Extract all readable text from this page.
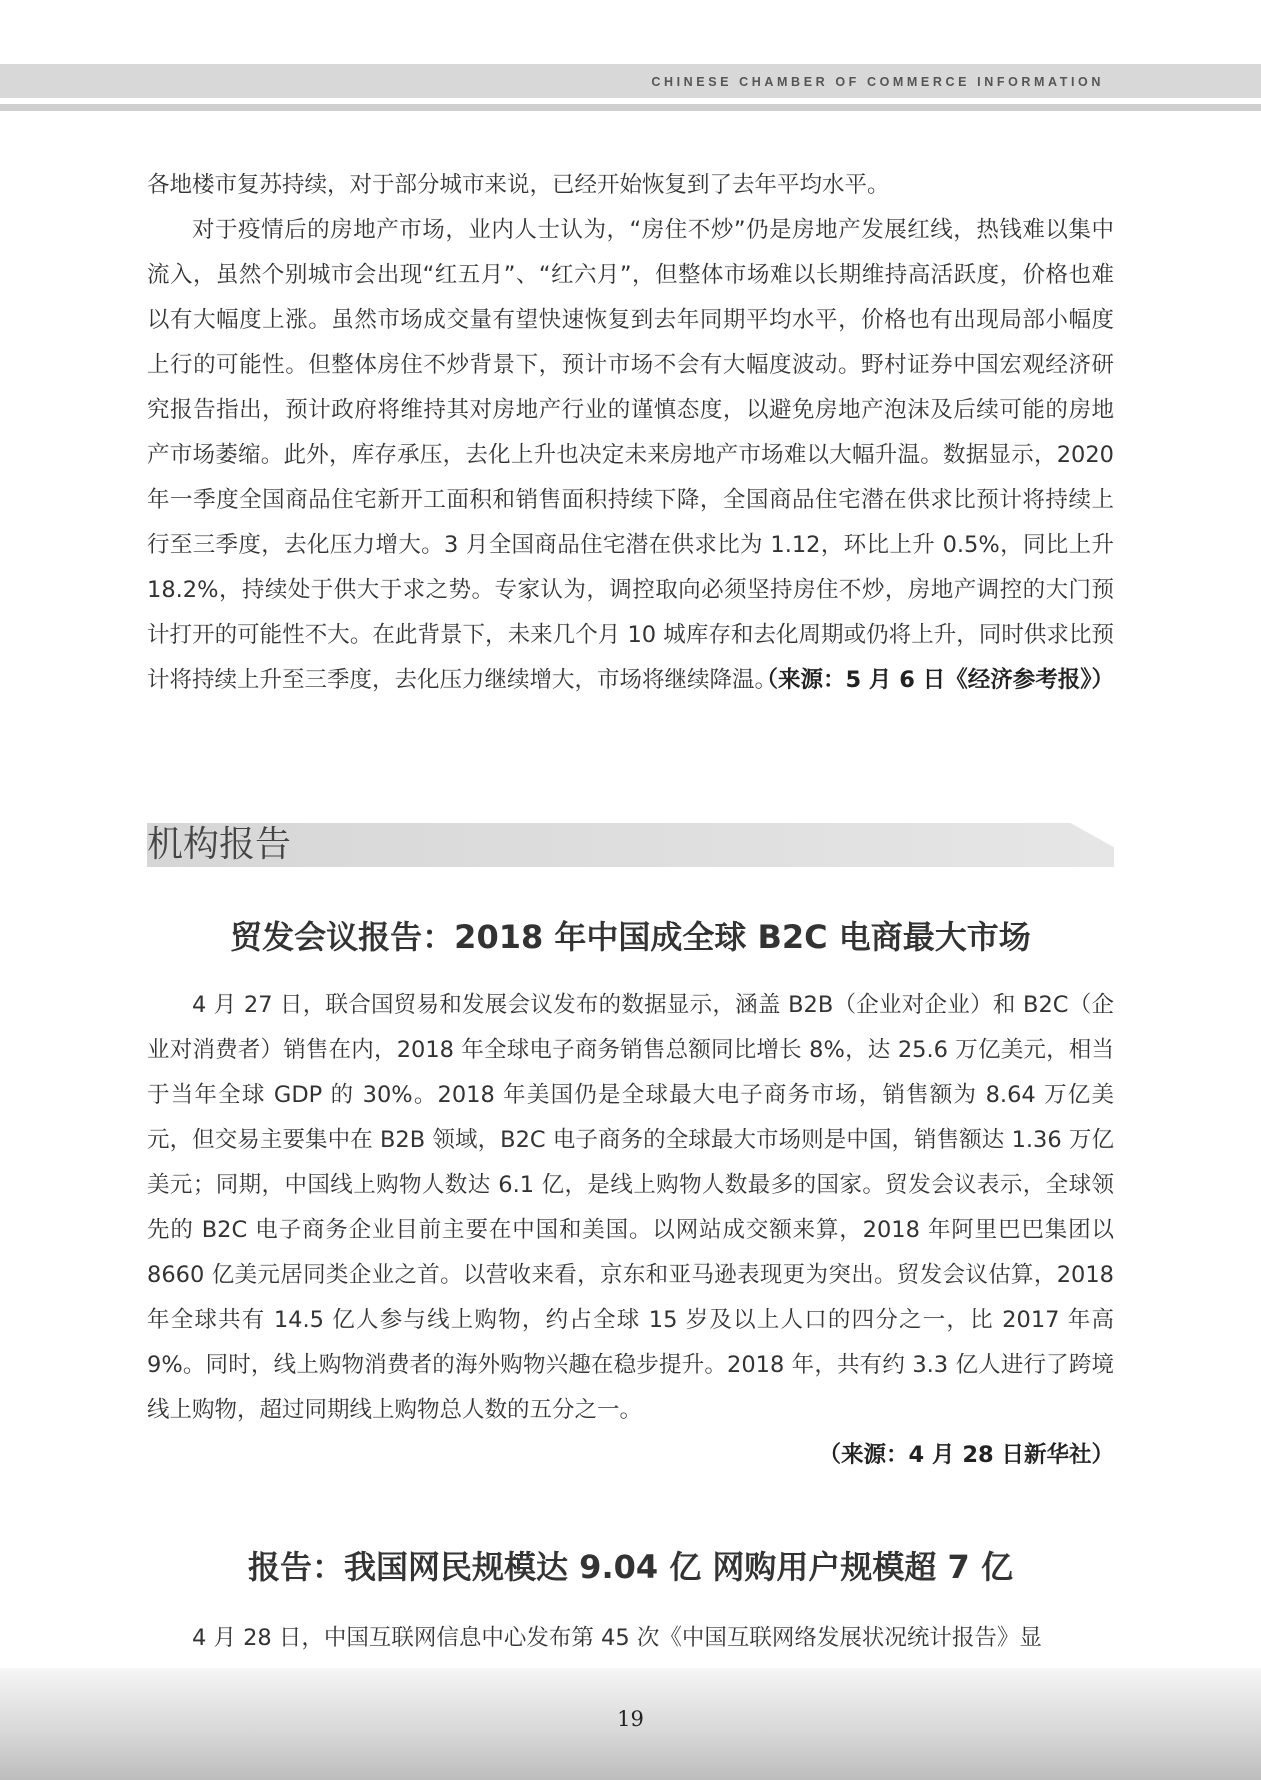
CHINESE CHAMBER OF COMMERCE INFORMATION

各地楼市复苏持续，对于部分城市来说，已经开始恢复到了去年平均水平。

对于疫情后的房地产市场，业内人士认为，“房住不炒”仍是房地产发展红线，热钱难以集中流入，虽然个别城市会出现“红五月”、“红六月”，但整体市场难以长期维持高活跃度，价格也难以有大幅度上涨。虽然市场成交量有望快速恢复到去年同期平均水平，价格也有出现局部小幅度上行的可能性。但整体房住不炒背景下，预计市场不会有大幅度波动。野村证券中国宏观经济研究报告指出，预计政府将维持其对房地产行业的谨慎态度，以避免房地产泡沫及后续可能的房地产市场萎缩。此外，库存承压，去化上升也决定未来房地产市场难以大幅升温。数据显示，2020 年一季度全国商品住宅新开工面积和销售面积持续下降，全国商品住宅潜在供求比预计将持续上行至三季度，去化压力增大。3 月全国商品住宅潜在供求比为 1.12，环比上升 0.5%，同比上升 18.2%，持续处于供大于求之势。专家认为，调控取向必须坚持房住不炒，房地产调控的大门预计打开的可能性不大。在此背景下，未来几个月 10 城库存和去化周期或仍将上升，同时供求比预计将持续上升至三季度，去化压力继续增大，市场将继续降温。

（来源：5 月 6 日《经济参考报》）

机构报告
贸发会议报告：2018 年中国成全球 B2C 电商最大市场

4 月 27 日，联合国贸易和发展会议发布的数据显示，涵盖 B2B（企业对企业）和 B2C（企业对消费者）销售在内，2018 年全球电子商务销售总额同比增长 8%，达 25.6 万亿美元，相当于当年全球 GDP 的 30%。2018 年美国仍是全球最大电子商务市场，销售额为 8.64 万亿美元，但交易主要集中在 B2B 领域，B2C 电子商务的全球最大市场则是中国，销售额达 1.36 万亿美元；同期，中国线上购物人数达 6.1 亿，是线上购物人数最多的国家。贸发会议表示，全球领先的 B2C 电子商务企业目前主要在中国和美国。以网站成交额来算，2018 年阿里巴巴集团以 8660 亿美元居同类企业之首。以营收来看，京东和亚马逊表现更为突出。贸发会议估算，2018 年全球共有 14.5 亿人参与线上购物，约占全球 15 岁及以上人口的四分之一，比 2017 年高 9%。同时，线上购物消费者的海外购物兴趣在稳步提升。2018 年，共有约 3.3 亿人进行了跨境线上购物，超过同期线上购物总人数的五分之一。

（来源：4 月 28 日新华社）

报告：我国网民规模达 9.04 亿 网购用户规模超 7 亿

4 月 28 日，中国互联网信息中心发布第 45 次《中国互联网络发展状况统计报告》显

19
